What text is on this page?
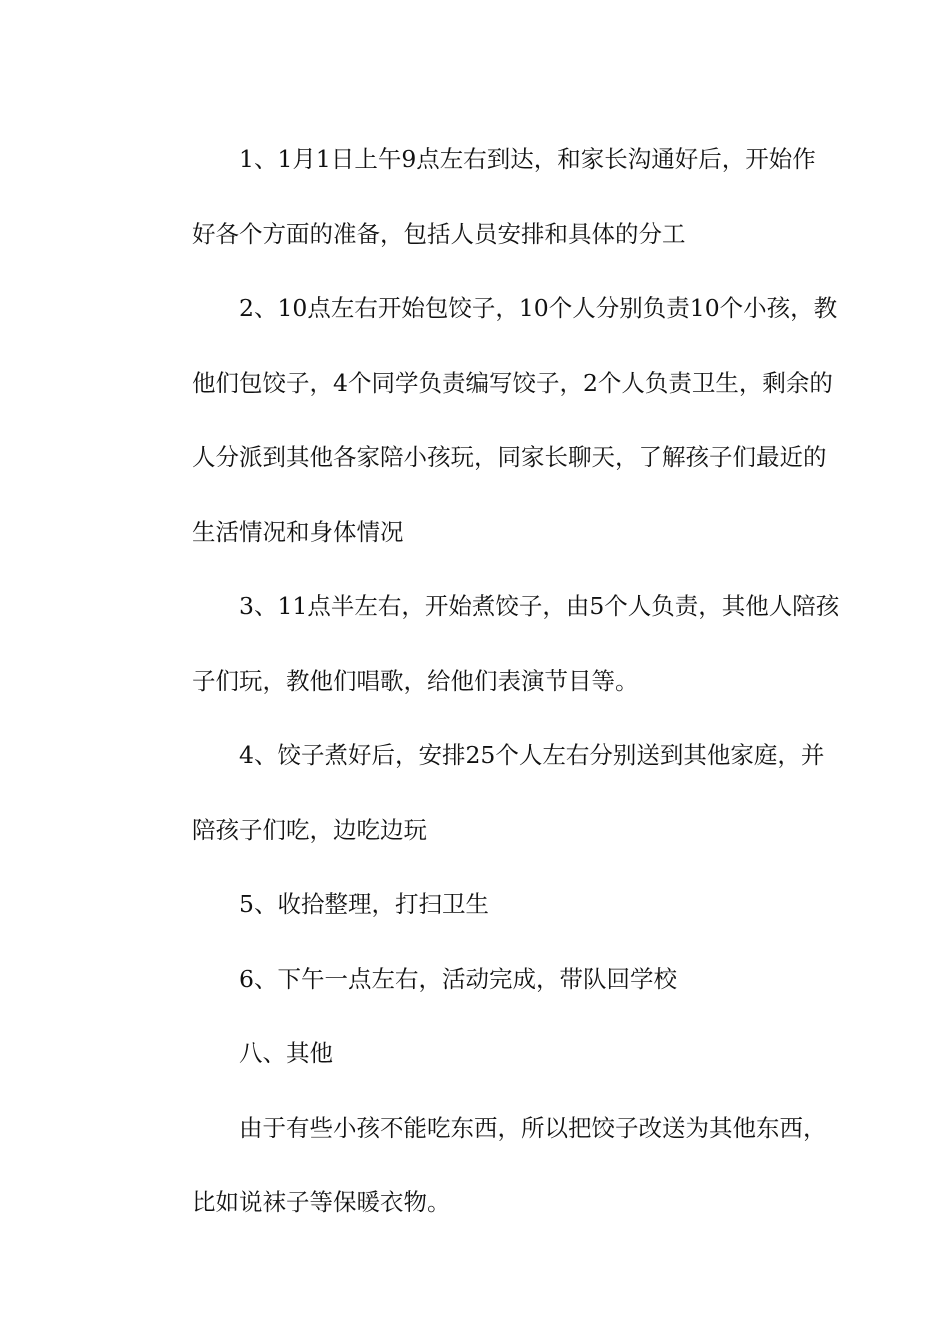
1、1月1日上午9点左右到达，和家长沟通好后，开始作
好各个方面的准备，包括人员安排和具体的分工
2、10点左右开始包饺子，10个人分别负责10个小孩，教
他们包饺子，4个同学负责编写饺子，2个人负责卫生，剩余的
人分派到其他各家陪小孩玩，同家长聊天，了解孩子们最近的
生活情况和身体情况
3、11点半左右，开始煮饺子，由5个人负责，其他人陪孩
子们玩，教他们唱歌，给他们表演节目等。
4、饺子煮好后，安排25个人左右分别送到其他家庭，并
陪孩子们吃，边吃边玩
5、收拾整理，打扫卫生
6、下午一点左右，活动完成，带队回学校
八、其他
由于有些小孩不能吃东西，所以把饺子改送为其他东西，
比如说袜子等保暖衣物。
